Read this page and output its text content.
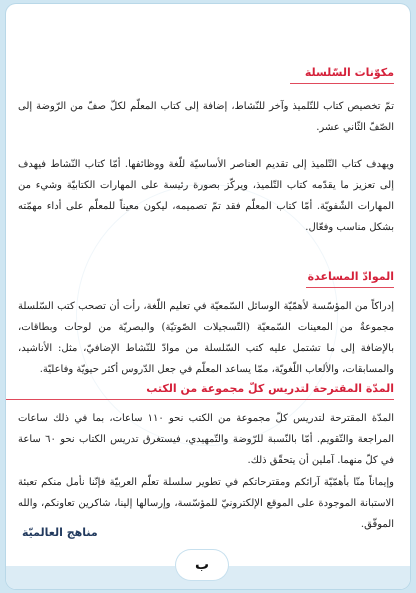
مكوّنات السّلسلة

تمّ تخصيص كتاب للتّلميذ وآخر للنّشاط، إضافة إلى كتاب المعلّم لكلّ صفّ من الرّوضة إلى الصّفّ الثّاني عشر.

ويهدف كتاب التّلميذ إلى تقديم العناصر الأساسيّة للّغة ووظائفها. أمّا كتاب النّشاط فيهدف إلى تعزيز ما يقدّمه كتاب التّلميذ، ويركّز بصورة رئيسة على المهارات الكتابيّة وشيء من المهارات الشّفويّة. أمّا كتاب المعلّم فقد تمّ تصميمه، ليكون معيناً للمعلّم على أداء مهمّته بشكل مناسب وفعّال.

الموادّ المساعدة

إدراكاً من المؤسّسة لأهمّيّة الوسائل السّمعيّة في تعليم اللّغة، رأت أن تصحب كتب السّلسلة مجموعةٌ من المعينات السّمعيّة (التّسجيلات الصّوتيّة) والبصريّة من لوحات وبطاقات، بالإضافة إلى ما تشتمل عليه كتب السّلسلة من موادّ للنّشاط الإضافيّ، مثل: الأناشيد، والمسابقات، والألعاب اللّغويّة، ممّا يساعد المعلّم في جعل الدّروس أكثر حيويّة وفاعليّة.

المدّة المقترحة لتدريس كلّ مجموعة من الكتب

المدّة المقترحة لتدريس كلّ مجموعة من الكتب نحو ١١٠ ساعات، بما في ذلك ساعات المراجعة والتّقويم. أمّا بالنّسبة للرّوضة والتّمهيدي، فيستغرق تدريس الكتاب نحو ٦٠ ساعة في كلّ منهما. آملين أن يتحقّق ذلك.

وإيماناً منّا بأهمّيّة آرائكم ومقترحاتكم في تطوير سلسلة تعلّم العربيّة فإنّنا نأمل منكم تعبئة الاستبانة الموجودة على الموقع الإلكترونيّ للمؤسّسة، وإرسالها إلينا، شاكرين تعاونكم، والله الموفّق.

مناهج العالميّة
ب
